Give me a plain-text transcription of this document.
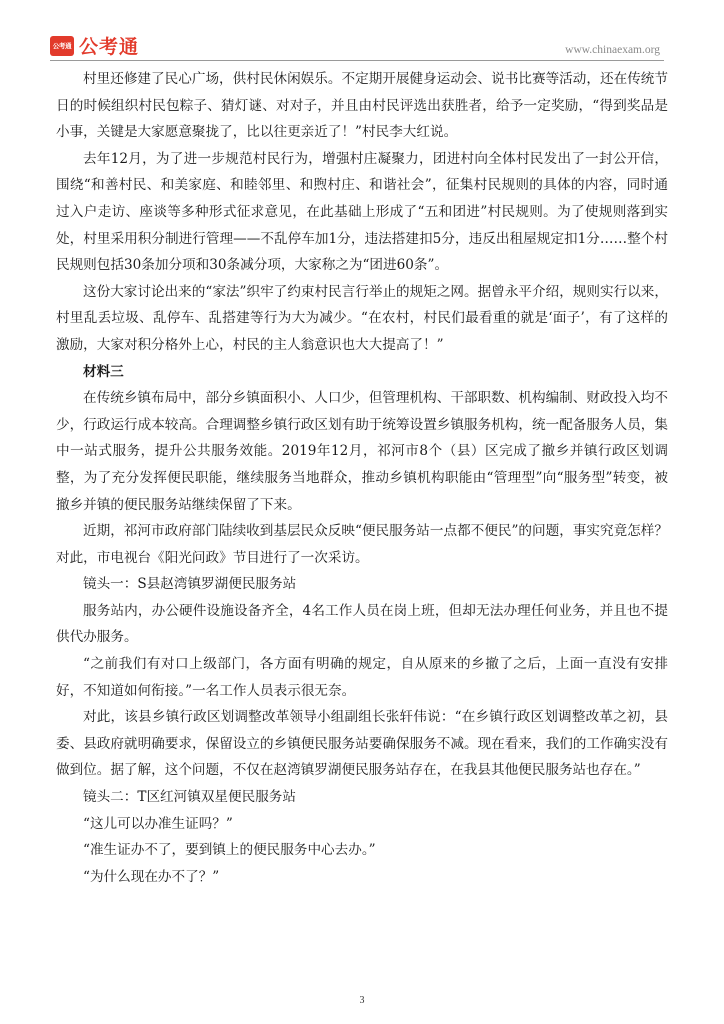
公考通 公考通	www.chinaexam.org

村里还修建了民心广场，供村民休闲娱乐。不定期开展健身运动会、说书比赛等活动，还在传统节日的时候组织村民包粽子、猜灯谜、对对子，并且由村民评选出获胜者，给予一定奖励，“得到奖品是小事，关键是大家愿意聚拢了，比以往更亲近了！”村民李大红说。

去年12月，为了进一步规范村民行为，增强村庄凝聚力，团进村向全体村民发出了一封公开信，围绕“和善村民、和美家庭、和睦邻里、和煦村庄、和谐社会”，征集村民规则的具体的内容，同时通过入户走访、座谈等多种形式征求意见，在此基础上形成了“五和团进”村民规则。为了使规则落到实处，村里采用积分制进行管理——不乱停车加1分，违法搭建扣5分，违反出租屋规定扣1分……整个村民规则包括30条加分项和30条减分项，大家称之为“团进60条”。

这份大家讨论出来的“家法”织牢了约束村民言行举止的规矩之网。据曾永平介绍，规则实行以来，村里乱丢垃圾、乱停车、乱搭建等行为大为减少。“在农村，村民们最看重的就是‘面子’，有了这样的激励，大家对积分格外上心，村民的主人翁意识也大大提高了！”

材料三

在传统乡镇布局中，部分乡镇面积小、人口少，但管理机构、干部职数、机构编制、财政投入均不少，行政运行成本较高。合理调整乡镇行政区划有助于统筹设置乡镇服务机构，统一配备服务人员，集中一站式服务，提升公共服务效能。2019年12月，祁河市8个（县）区完成了撤乡并镇行政区划调整，为了充分发挥便民职能，继续服务当地群众，推动乡镇机构职能由“管理型”向“服务型”转变，被撤乡并镇的便民服务站继续保留了下来。

近期，祁河市政府部门陆续收到基层民众反映“便民服务站一点都不便民”的问题，事实究竟怎样？对此，市电视台《阳光问政》节目进行了一次采访。

镜头一：S县赵湾镇罗湖便民服务站

服务站内，办公硬件设施设备齐全，4名工作人员在岗上班，但却无法办理任何业务，并且也不提供代办服务。

“之前我们有对口上级部门，各方面有明确的规定，自从原来的乡撤了之后，上面一直没有安排好，不知道如何衔接。”一名工作人员表示很无奈。

对此，该县乡镇行政区划调整改革领导小组副组长张轩伟说：“在乡镇行政区划调整改革之初，县委、县政府就明确要求，保留设立的乡镇便民服务站要确保服务不减。现在看来，我们的工作确实没有做到位。据了解，这个问题，不仅在赵湾镇罗湖便民服务站存在，在我县其他便民服务站也存在。”

镜头二：T区红河镇双星便民服务站

“这儿可以办准生证吗？”

“准生证办不了，要到镇上的便民服务中心去办。”

“为什么现在办不了？”

3
